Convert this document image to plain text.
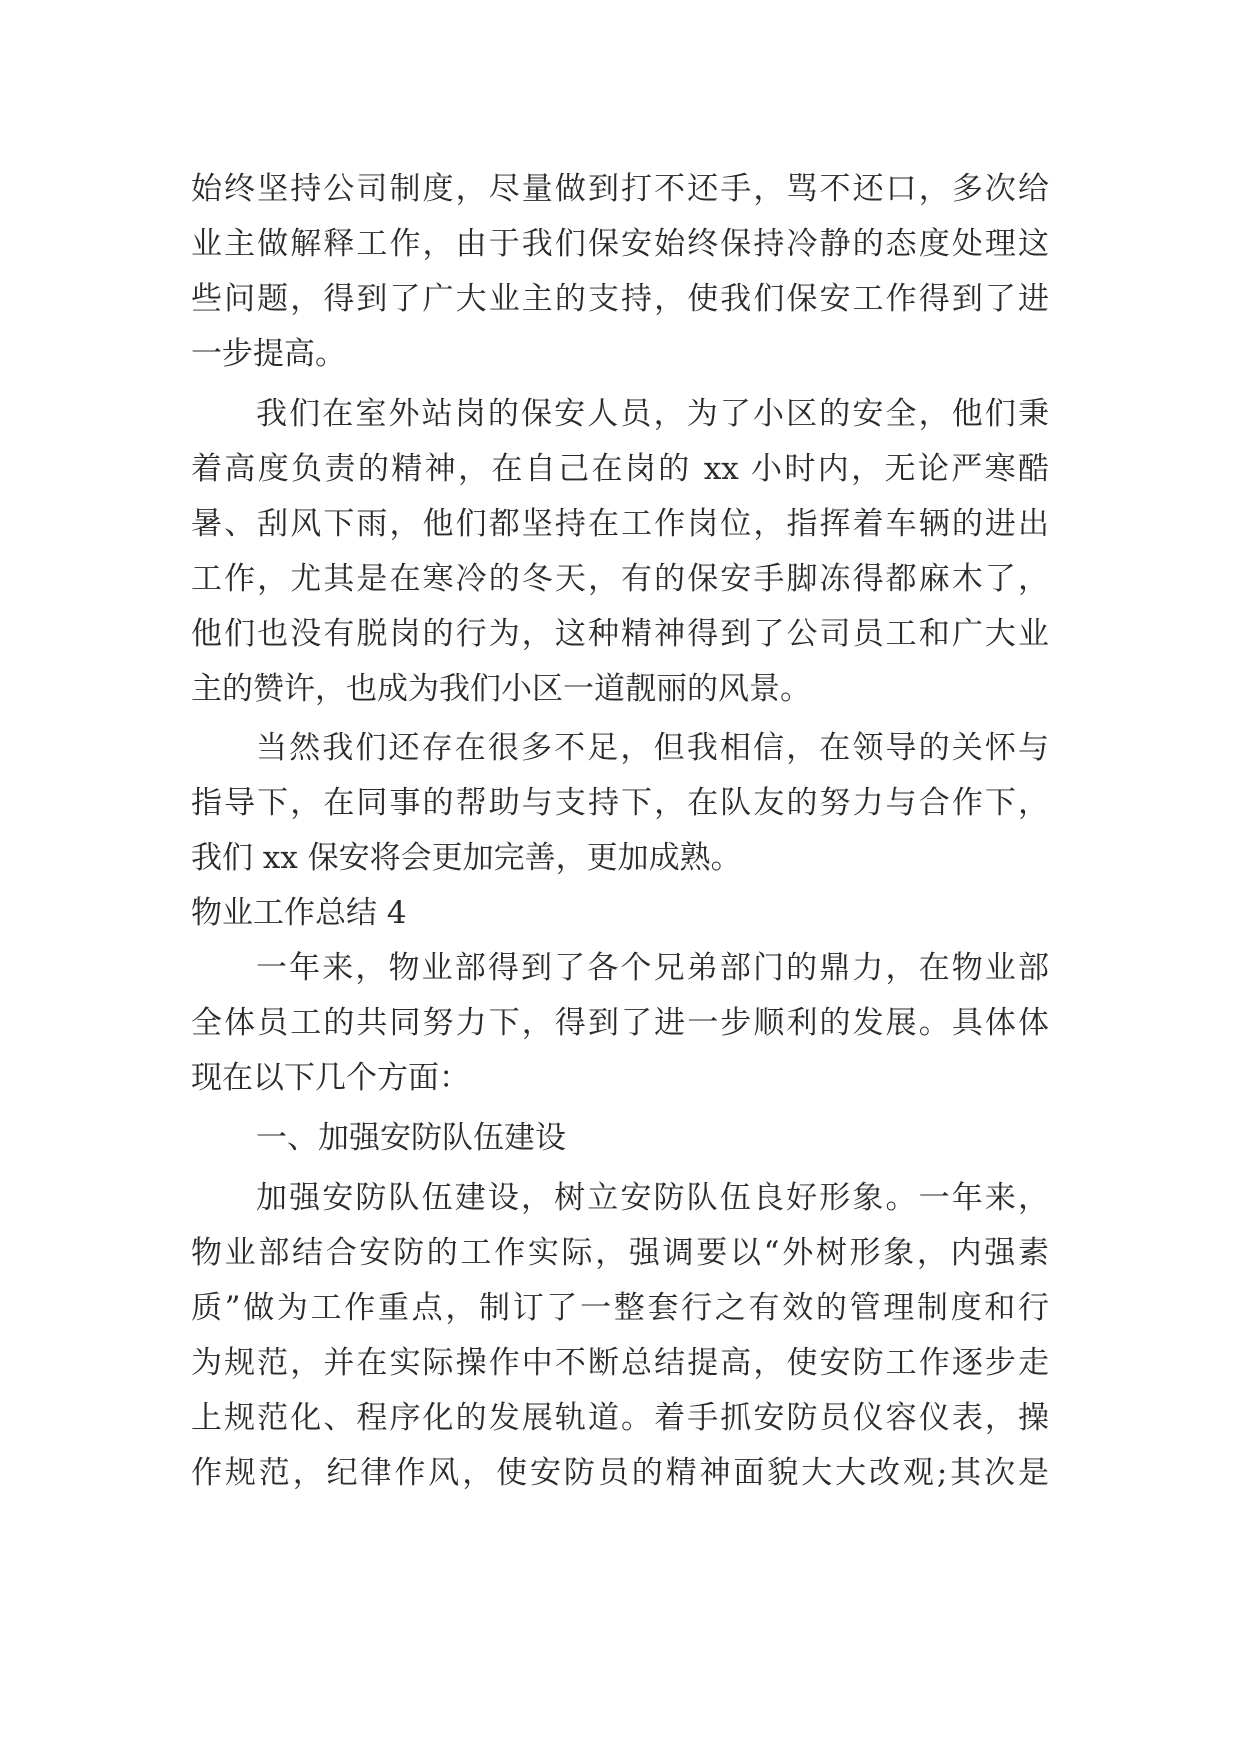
始终坚持公司制度，尽量做到打不还手，骂不还口，多次给
业主做解释工作，由于我们保安始终保持冷静的态度处理这
些问题，得到了广大业主的支持，使我们保安工作得到了进
一步提高。
我们在室外站岗的保安人员，为了小区的安全，他们秉
着高度负责的精神，在自己在岗的 xx 小时内，无论严寒酷
暑、刮风下雨，他们都坚持在工作岗位，指挥着车辆的进出
工作，尤其是在寒冷的冬天，有的保安手脚冻得都麻木了，
他们也没有脱岗的行为，这种精神得到了公司员工和广大业
主的赞许，也成为我们小区一道靓丽的风景。
当然我们还存在很多不足，但我相信，在领导的关怀与
指导下，在同事的帮助与支持下，在队友的努力与合作下，
我们 xx 保安将会更加完善，更加成熟。
物业工作总结 4
一年来，物业部得到了各个兄弟部门的鼎力，在物业部
全体员工的共同努力下，得到了进一步顺利的发展。具体体
现在以下几个方面：
一、加强安防队伍建设
加强安防队伍建设，树立安防队伍良好形象。一年来，
物业部结合安防的工作实际，强调要以“外树形象，内强素
质”做为工作重点，制订了一整套行之有效的管理制度和行
为规范，并在实际操作中不断总结提高，使安防工作逐步走
上规范化、程序化的发展轨道。着手抓安防员仪容仪表，操
作规范，纪律作风，使安防员的精神面貌大大改观;其次是
